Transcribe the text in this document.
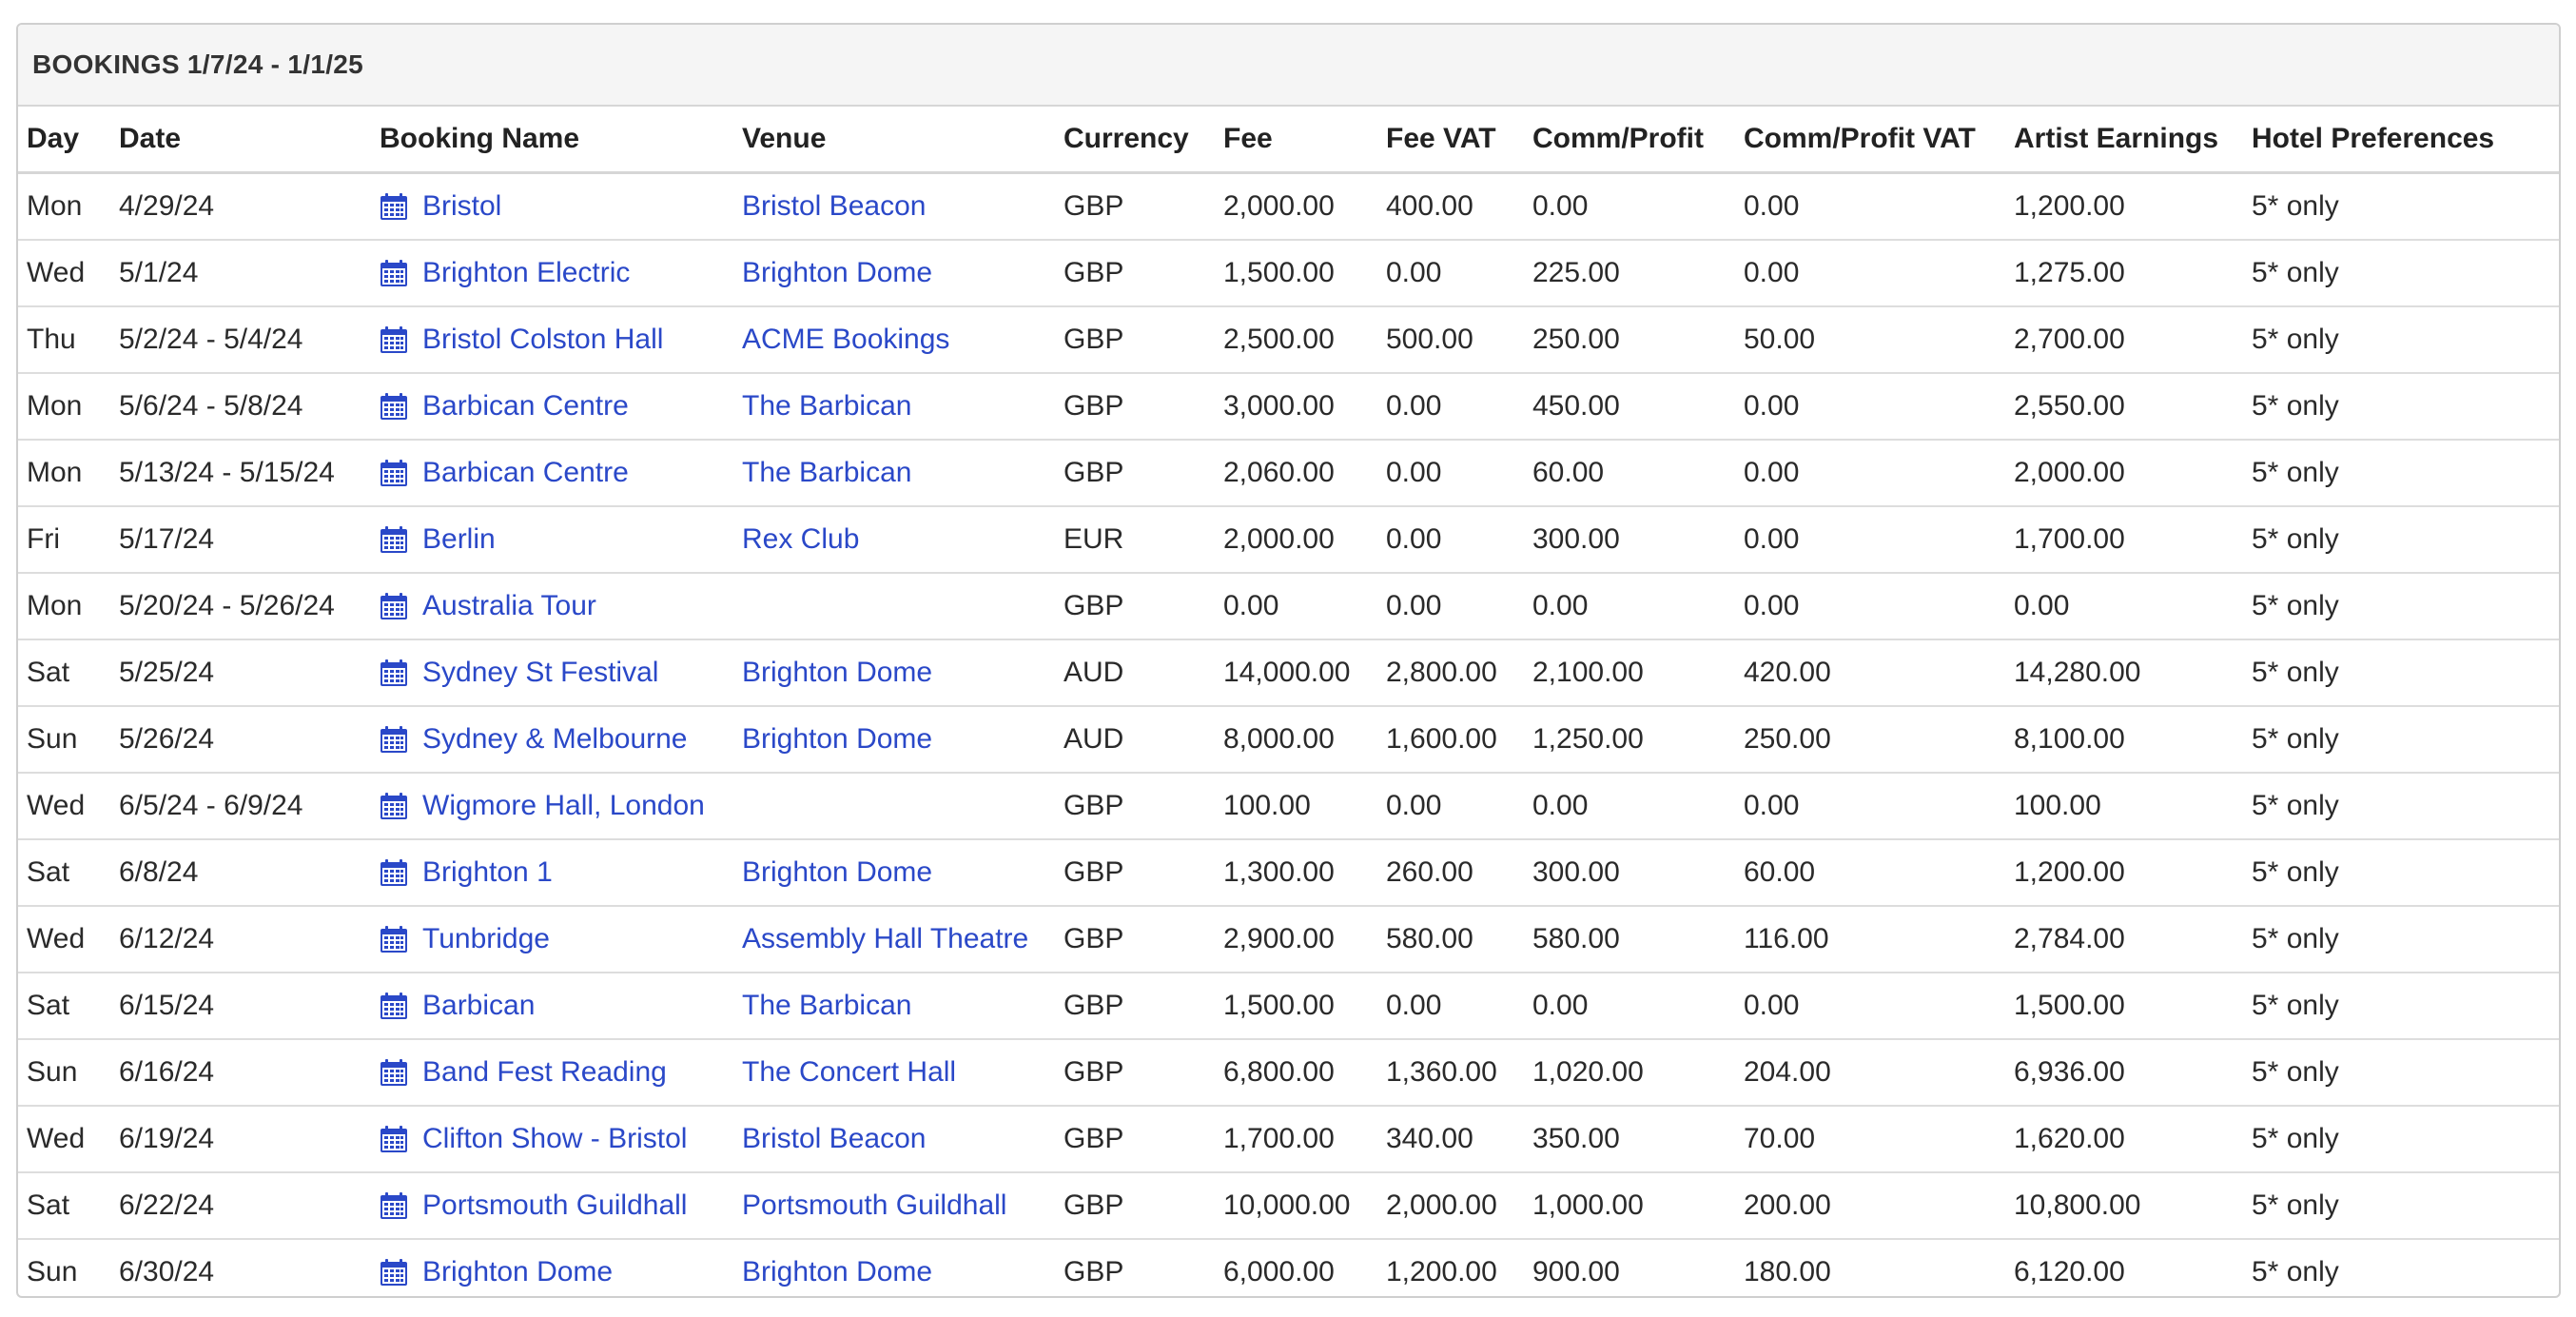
BOOKINGS 1/7/24 - 1/1/25
Day	Date	Booking Name	Venue	Currency	Fee	Fee VAT	Comm/Profit	Comm/Profit VAT	Artist Earnings	Hotel Preferences
Mon	4/29/24	Bristol	Bristol Beacon	GBP	2,000.00	400.00	0.00	0.00	1,200.00	5* only
Wed	5/1/24	Brighton Electric	Brighton Dome	GBP	1,500.00	0.00	225.00	0.00	1,275.00	5* only
Thu	5/2/24 - 5/4/24	Bristol Colston Hall	ACME Bookings	GBP	2,500.00	500.00	250.00	50.00	2,700.00	5* only
Mon	5/6/24 - 5/8/24	Barbican Centre	The Barbican	GBP	3,000.00	0.00	450.00	0.00	2,550.00	5* only
Mon	5/13/24 - 5/15/24	Barbican Centre	The Barbican	GBP	2,060.00	0.00	60.00	0.00	2,000.00	5* only
Fri	5/17/24	Berlin	Rex Club	EUR	2,000.00	0.00	300.00	0.00	1,700.00	5* only
Mon	5/20/24 - 5/26/24	Australia Tour		GBP	0.00	0.00	0.00	0.00	0.00	5* only
Sat	5/25/24	Sydney St Festival	Brighton Dome	AUD	14,000.00	2,800.00	2,100.00	420.00	14,280.00	5* only
Sun	5/26/24	Sydney & Melbourne	Brighton Dome	AUD	8,000.00	1,600.00	1,250.00	250.00	8,100.00	5* only
Wed	6/5/24 - 6/9/24	Wigmore Hall, London		GBP	100.00	0.00	0.00	0.00	100.00	5* only
Sat	6/8/24	Brighton 1	Brighton Dome	GBP	1,300.00	260.00	300.00	60.00	1,200.00	5* only
Wed	6/12/24	Tunbridge	Assembly Hall Theatre	GBP	2,900.00	580.00	580.00	116.00	2,784.00	5* only
Sat	6/15/24	Barbican	The Barbican	GBP	1,500.00	0.00	0.00	0.00	1,500.00	5* only
Sun	6/16/24	Band Fest Reading	The Concert Hall	GBP	6,800.00	1,360.00	1,020.00	204.00	6,936.00	5* only
Wed	6/19/24	Clifton Show - Bristol	Bristol Beacon	GBP	1,700.00	340.00	350.00	70.00	1,620.00	5* only
Sat	6/22/24	Portsmouth Guildhall	Portsmouth Guildhall	GBP	10,000.00	2,000.00	1,000.00	200.00	10,800.00	5* only
Sun	6/30/24	Brighton Dome	Brighton Dome	GBP	6,000.00	1,200.00	900.00	180.00	6,120.00	5* only
